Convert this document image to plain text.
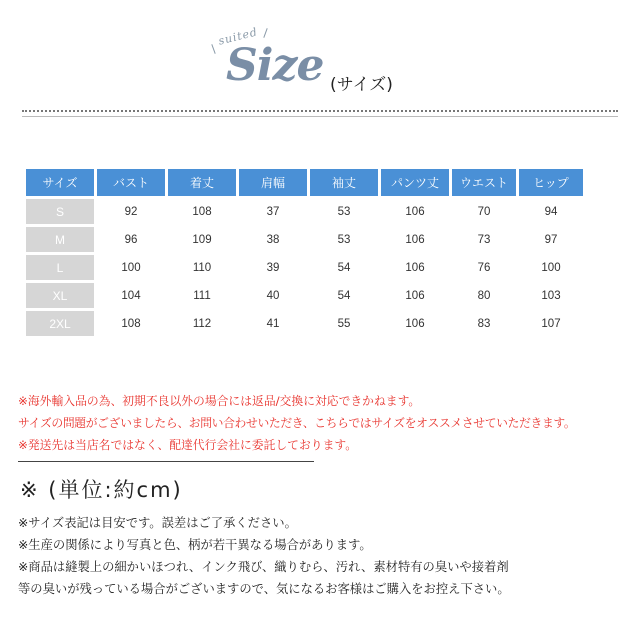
suited
Size (サイズ)
サイズ	バスト	着丈	肩幅	袖丈	パンツ丈	ウエスト	ヒップ
S	92	108	37	53	106	70	94
M	96	109	38	53	106	73	97
L	100	110	39	54	106	76	100
XL	104	111	40	54	106	80	103
2XL	108	112	41	55	106	83	107
※海外輸入品の為、初期不良以外の場合には返品/交換に対応できかねます。
サイズの問題がございましたら、お問い合わせいただき、こちらではサイズをオススメさせていただきます。
※発送先は当店名ではなく、配達代行会社に委託しております。
※ (単位:約cm)
※サイズ表記は目安です。誤差はご了承ください。
※生産の関係により写真と色、柄が若干異なる場合があります。
※商品は縫製上の細かいほつれ、インク飛び、織りむら、汚れ、素材特有の臭いや接着剤
等の臭いが残っている場合がございますので、気になるお客様はご購入をお控え下さい。
